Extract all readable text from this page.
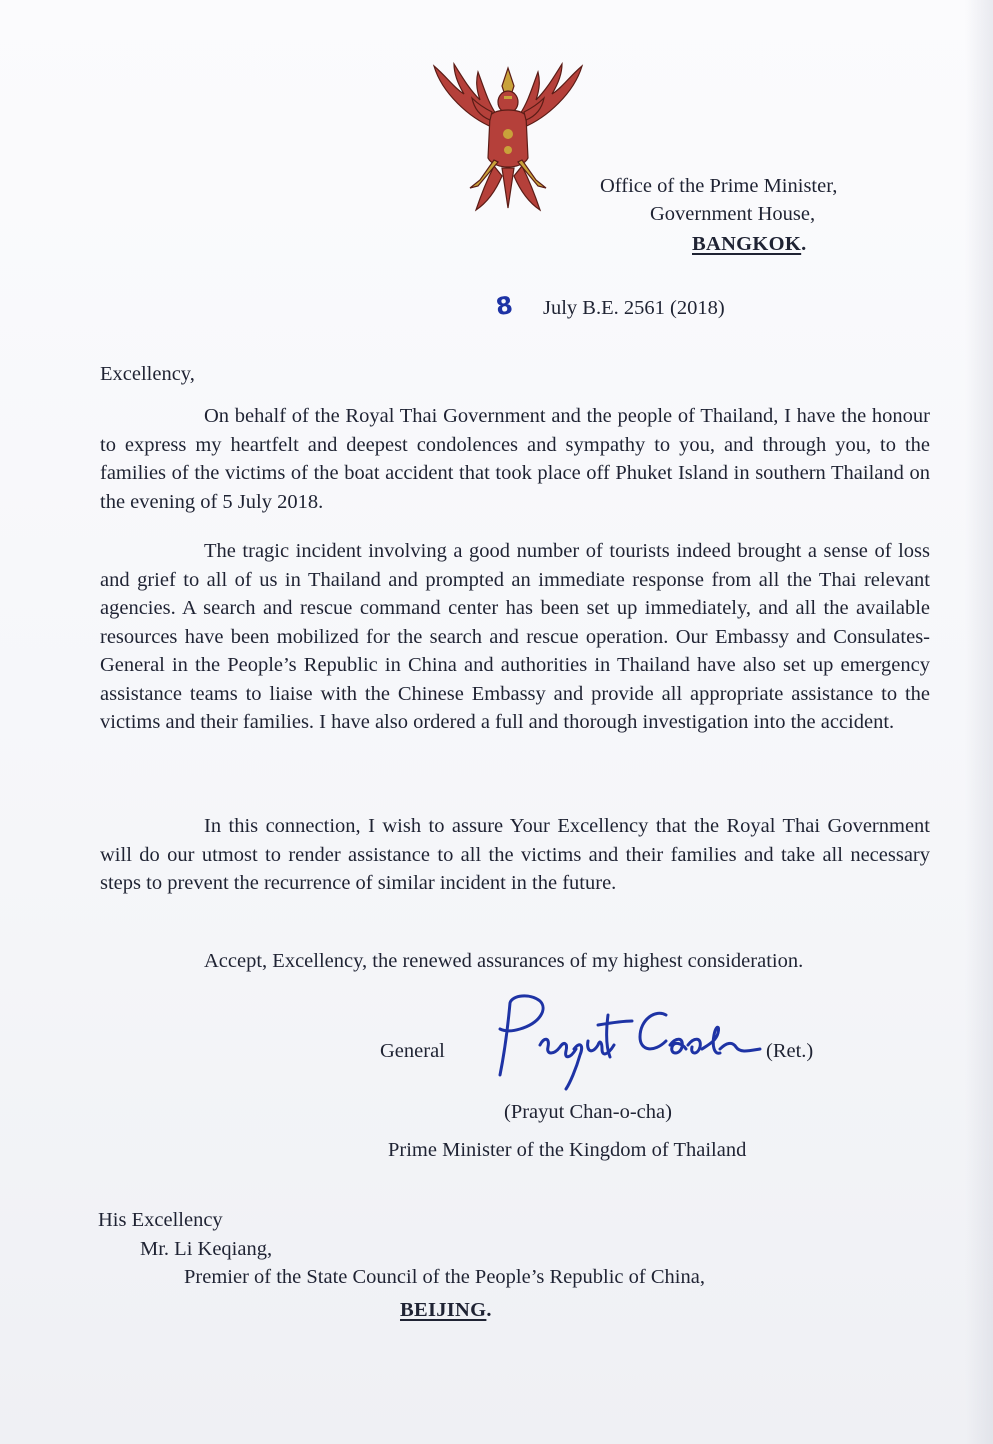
Office of the Prime Minister,
Government House,
BANGKOK.
8 July B.E. 2561 (2018)
Excellency,

On behalf of the Royal Thai Government and the people of Thailand, I have the honour to express my heartfelt and deepest condolences and sympathy to you, and through you, to the families of the victims of the boat accident that took place off Phuket Island in southern Thailand on the evening of 5 July 2018.

The tragic incident involving a good number of tourists indeed brought a sense of loss and grief to all of us in Thailand and prompted an immediate response from all the Thai relevant agencies. A search and rescue command center has been set up immediately, and all the available resources have been mobilized for the search and rescue operation. Our Embassy and Consulates-General in the People’s Republic in China and authorities in Thailand have also set up emergency assistance teams to liaise with the Chinese Embassy and provide all appropriate assistance to the victims and their families. I have also ordered a full and thorough investigation into the accident.

In this connection, I wish to assure Your Excellency that the Royal Thai Government will do our utmost to render assistance to all the victims and their families and take all necessary steps to prevent the recurrence of similar incident in the future.

Accept, Excellency, the renewed assurances of my highest consideration.
General	(Ret.)
(Prayut Chan-o-cha)
Prime Minister of the Kingdom of Thailand
His Excellency
Mr. Li Keqiang,
Premier of the State Council of the People’s Republic of China,
BEIJING.
